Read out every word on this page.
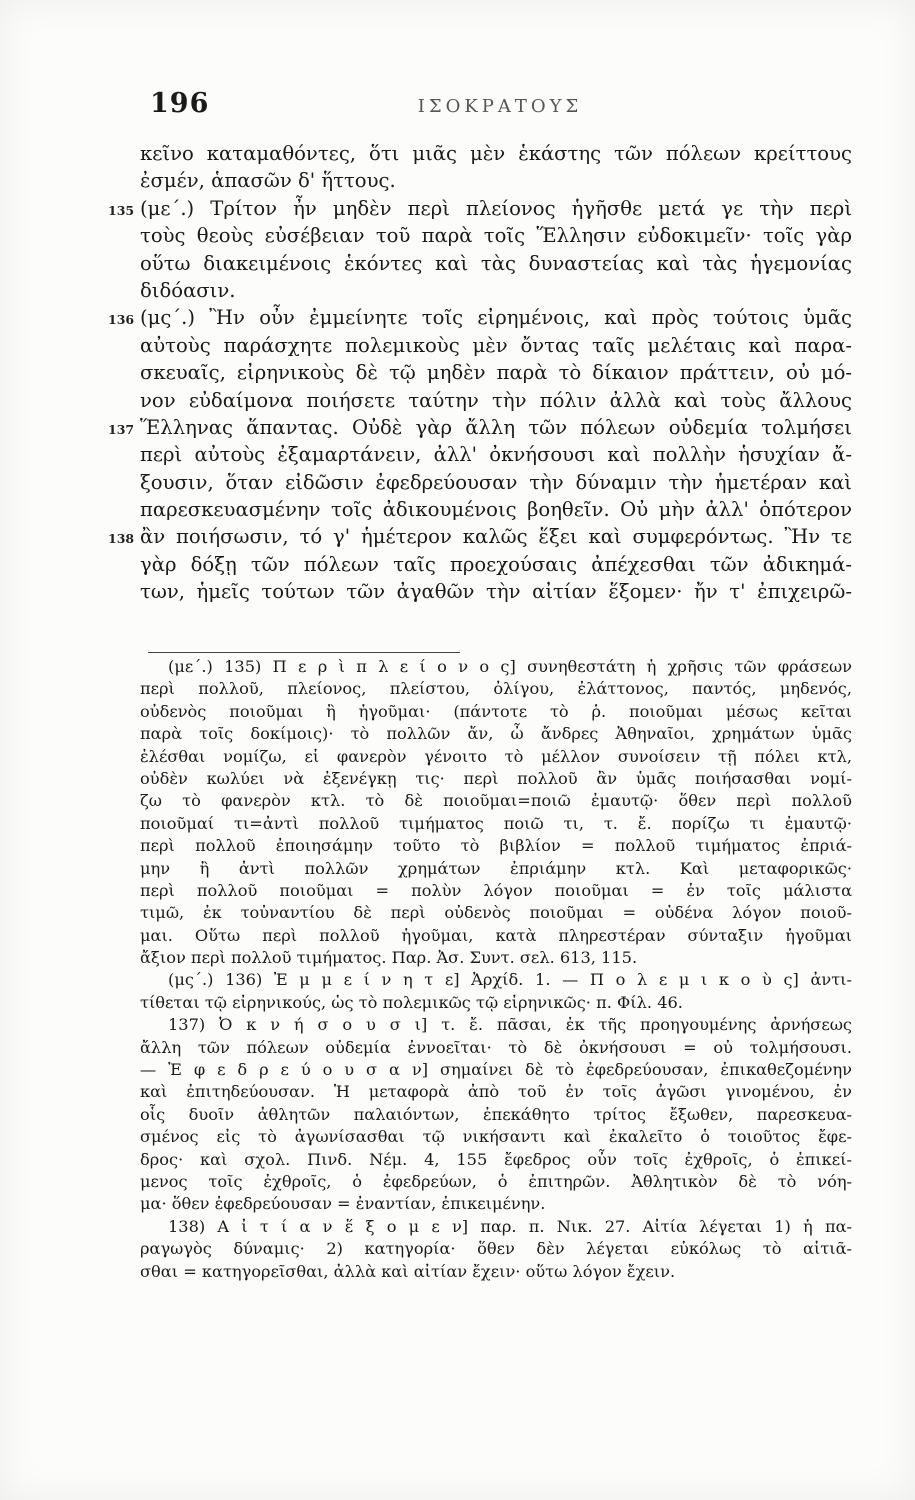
196	ΙΣΟΚΡΑΤΟΥΣ
κεῖνο καταμαθόντες, ὅτι μιᾶς μὲν ἑκάστης τῶν πόλεων κρείττους
ἐσμέν, ἁπασῶν δ' ἥττους.
135 (με΄.) Τρίτον ἦν μηδὲν περὶ πλείονος ἡγῆσθε μετά γε τὴν περὶ
τοὺς θεοὺς εὐσέβειαν τοῦ παρὰ τοῖς Ἕλλησιν εὐδοκιμεῖν· τοῖς γὰρ
οὕτω διακειμένοις ἑκόντες καὶ τὰς δυναστείας καὶ τὰς ἡγεμονίας
διδόασιν.
136 (μς΄.) Ἢν οὖν ἐμμείνητε τοῖς εἰρημένοις, καὶ πρὸς τούτοις ὑμᾶς
αὐτοὺς παράσχητε πολεμικοὺς μὲν ὄντας ταῖς μελέταις καὶ παρα-
σκευαῖς, εἰρηνικοὺς δὲ τῷ μηδὲν παρὰ τὸ δίκαιον πράττειν, οὐ μό-
νον εὐδαίμονα ποιήσετε ταύτην τὴν πόλιν ἀλλὰ καὶ τοὺς ἄλλους
137 Ἕλληνας ἅπαντας. Οὐδὲ γὰρ ἄλλη τῶν πόλεων οὐδεμία τολμήσει
περὶ αὐτοὺς ἐξαμαρτάνειν, ἀλλ' ὀκνήσουσι καὶ πολλὴν ἡσυχίαν ἄ-
ξουσιν, ὅταν εἰδῶσιν ἐφεδρεύουσαν τὴν δύναμιν τὴν ἡμετέραν καὶ
παρεσκευασμένην τοῖς ἀδικουμένοις βοηθεῖν. Οὐ μὴν ἀλλ' ὁπότερον
138 ἂν ποιήσωσιν, τό γ' ἡμέτερον καλῶς ἕξει καὶ συμφερόντως. Ἢν τε
γὰρ δόξῃ τῶν πόλεων ταῖς προεχούσαις ἀπέχεσθαι τῶν ἀδικημά-
των, ἡμεῖς τούτων τῶν ἀγαθῶν τὴν αἰτίαν ἕξομεν· ἤν τ' ἐπιχειρῶ-
(με΄.) 135) Π ε ρ ὶ π λ ε ί ο ν ο ς] συνηθεστάτη ἡ χρῆσις τῶν φράσεων
περὶ πολλοῦ, πλείονος, πλείστου, ὀλίγου, ἐλάττονος, παντός, μηδενός,
οὐδενὸς ποιοῦμαι ἢ ἡγοῦμαι· (πάντοτε τὸ ῥ. ποιοῦμαι μέσως κεῖται
παρὰ τοῖς δοκίμοις)· τὸ πολλῶν ἄν, ὦ ἄνδρες Ἀθηναῖοι, χρημάτων ὑμᾶς
ἐλέσθαι νομίζω, εἰ φανερὸν γένοιτο τὸ μέλλον συνοίσειν τῇ πόλει κτλ,
οὐδὲν κωλύει νὰ ἐξενέγκῃ τις· περὶ πολλοῦ ἂν ὑμᾶς ποιήσασθαι νομί-
ζω τὸ φανερὸν κτλ. τὸ δὲ ποιοῦμαι=ποιῶ ἐμαυτῷ· ὅθεν περὶ πολλοῦ
ποιοῦμαί τι=ἀντὶ πολλοῦ τιμήματος ποιῶ τι, τ. ἔ. πορίζω τι ἐμαυτῷ·
περὶ πολλοῦ ἐποιησάμην τοῦτο τὸ βιβλίον = πολλοῦ τιμήματος ἐπριά-
μην ἢ ἀντὶ πολλῶν χρημάτων ἐπριάμην κτλ. Καὶ μεταφορικῶς·
περὶ πολλοῦ ποιοῦμαι = πολὺν λόγον ποιοῦμαι = ἐν τοῖς μάλιστα
τιμῶ, ἐκ τοὐναντίου δὲ περὶ οὐδενὸς ποιοῦμαι = οὐδένα λόγον ποιοῦ-
μαι. Οὕτω περὶ πολλοῦ ἡγοῦμαι, κατὰ πληρεστέραν σύνταξιν ἡγοῦμαι
ἄξιον περὶ πολλοῦ τιμήματος. Παρ. Ἀσ. Συντ. σελ. 613, 115.
(μς΄.) 136) Ἐ μ μ ε ί ν η τ ε] Ἀρχίδ. 1. — Π ο λ ε μ ι κ ο ὺ ς] ἀντι-
τίθεται τῷ εἰρηνικούς, ὡς τὸ πολεμικῶς τῷ εἰρηνικῶς· π. Φίλ. 46.
137) Ὀ κ ν ή σ ο υ σ ι] τ. ἔ. πᾶσαι, ἐκ τῆς προηγουμένης ἀρνήσεως
ἄλλη τῶν πόλεων οὐδεμία ἐννοεῖται· τὸ δὲ ὀκνήσουσι = οὐ τολμήσουσι.
— Ἐ φ ε δ ρ ε ύ ο υ σ α ν] σημαίνει δὲ τὸ ἐφεδρεύουσαν, ἐπικαθεζομένην
καὶ ἐπιτηδεύουσαν. Ἡ μεταφορὰ ἀπὸ τοῦ ἐν τοῖς ἀγῶσι γινομένου, ἐν
οἷς δυοῖν ἀθλητῶν παλαιόντων, ἐπεκάθητο τρίτος ἔξωθεν, παρεσκευα-
σμένος εἰς τὸ ἀγωνίσασθαι τῷ νικήσαντι καὶ ἐκαλεῖτο ὁ τοιοῦτος ἔφε-
δρος· καὶ σχολ. Πινδ. Νέμ. 4, 155 ἔφεδρος οὖν τοῖς ἐχθροῖς, ὁ ἐπικεί-
μενος τοῖς ἐχθροῖς, ὁ ἐφεδρεύων, ὁ ἐπιτηρῶν. Ἀθλητικὸν δὲ τὸ νόη-
μα· ὅθεν ἐφεδρεύουσαν = ἐναντίαν, ἐπικειμένην.
138) Α ἰ τ ί α ν ἕ ξ ο μ ε ν] παρ. π. Νικ. 27. Αἰτία λέγεται 1) ἡ πα-
ραγωγὸς δύναμις· 2) κατηγορία· ὅθεν δὲν λέγεται εὐκόλως τὸ αἰτιᾶ-
σθαι = κατηγορεῖσθαι, ἀλλὰ καὶ αἰτίαν ἔχειν· οὕτω λόγον ἔχειν.
